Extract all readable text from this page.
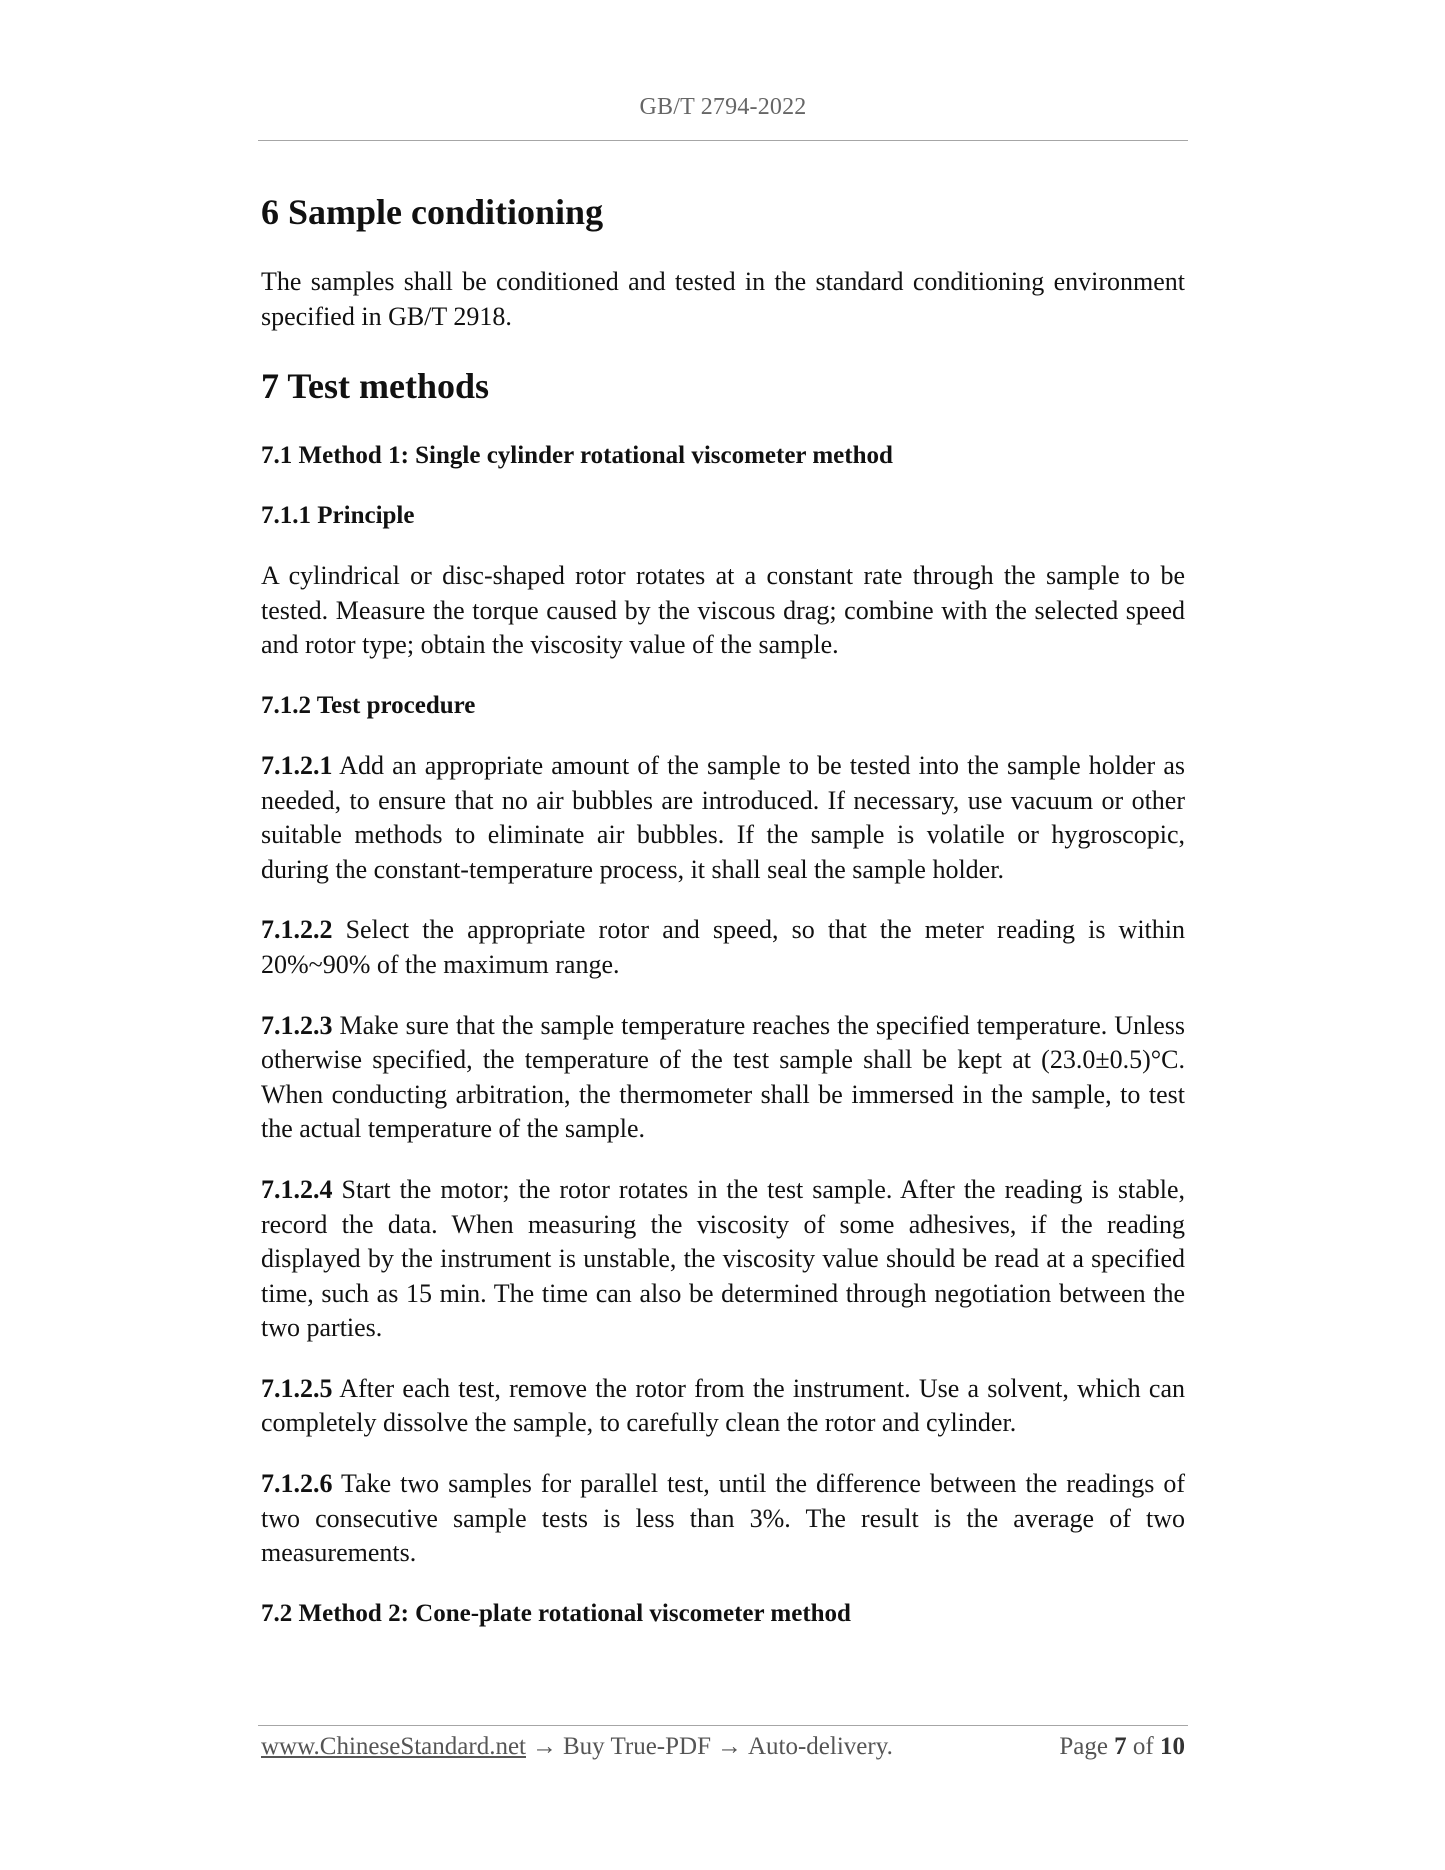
GB/T 2794-2022
6 Sample conditioning

The samples shall be conditioned and tested in the standard conditioning environment specified in GB/T 2918.

7 Test methods
7.1 Method 1: Single cylinder rotational viscometer method
7.1.1 Principle

A cylindrical or disc-shaped rotor rotates at a constant rate through the sample to be tested. Measure the torque caused by the viscous drag; combine with the selected speed and rotor type; obtain the viscosity value of the sample.

7.1.2 Test procedure

7.1.2.1 Add an appropriate amount of the sample to be tested into the sample holder as needed, to ensure that no air bubbles are introduced. If necessary, use vacuum or other suitable methods to eliminate air bubbles. If the sample is volatile or hygroscopic, during the constant-temperature process, it shall seal the sample holder.

7.1.2.2 Select the appropriate rotor and speed, so that the meter reading is within 20%~90% of the maximum range.

7.1.2.3 Make sure that the sample temperature reaches the specified temperature. Unless otherwise specified, the temperature of the test sample shall be kept at (23.0±0.5)°C. When conducting arbitration, the thermometer shall be immersed in the sample, to test the actual temperature of the sample.

7.1.2.4 Start the motor; the rotor rotates in the test sample. After the reading is stable, record the data. When measuring the viscosity of some adhesives, if the reading displayed by the instrument is unstable, the viscosity value should be read at a specified time, such as 15 min. The time can also be determined through negotiation between the two parties.

7.1.2.5 After each test, remove the rotor from the instrument. Use a solvent, which can completely dissolve the sample, to carefully clean the rotor and cylinder.

7.1.2.6 Take two samples for parallel test, until the difference between the readings of two consecutive sample tests is less than 3%. The result is the average of two measurements.

7.2 Method 2: Cone-plate rotational viscometer method
www.ChineseStandard.net → Buy True-PDF → Auto-delivery.	Page 7 of 10
